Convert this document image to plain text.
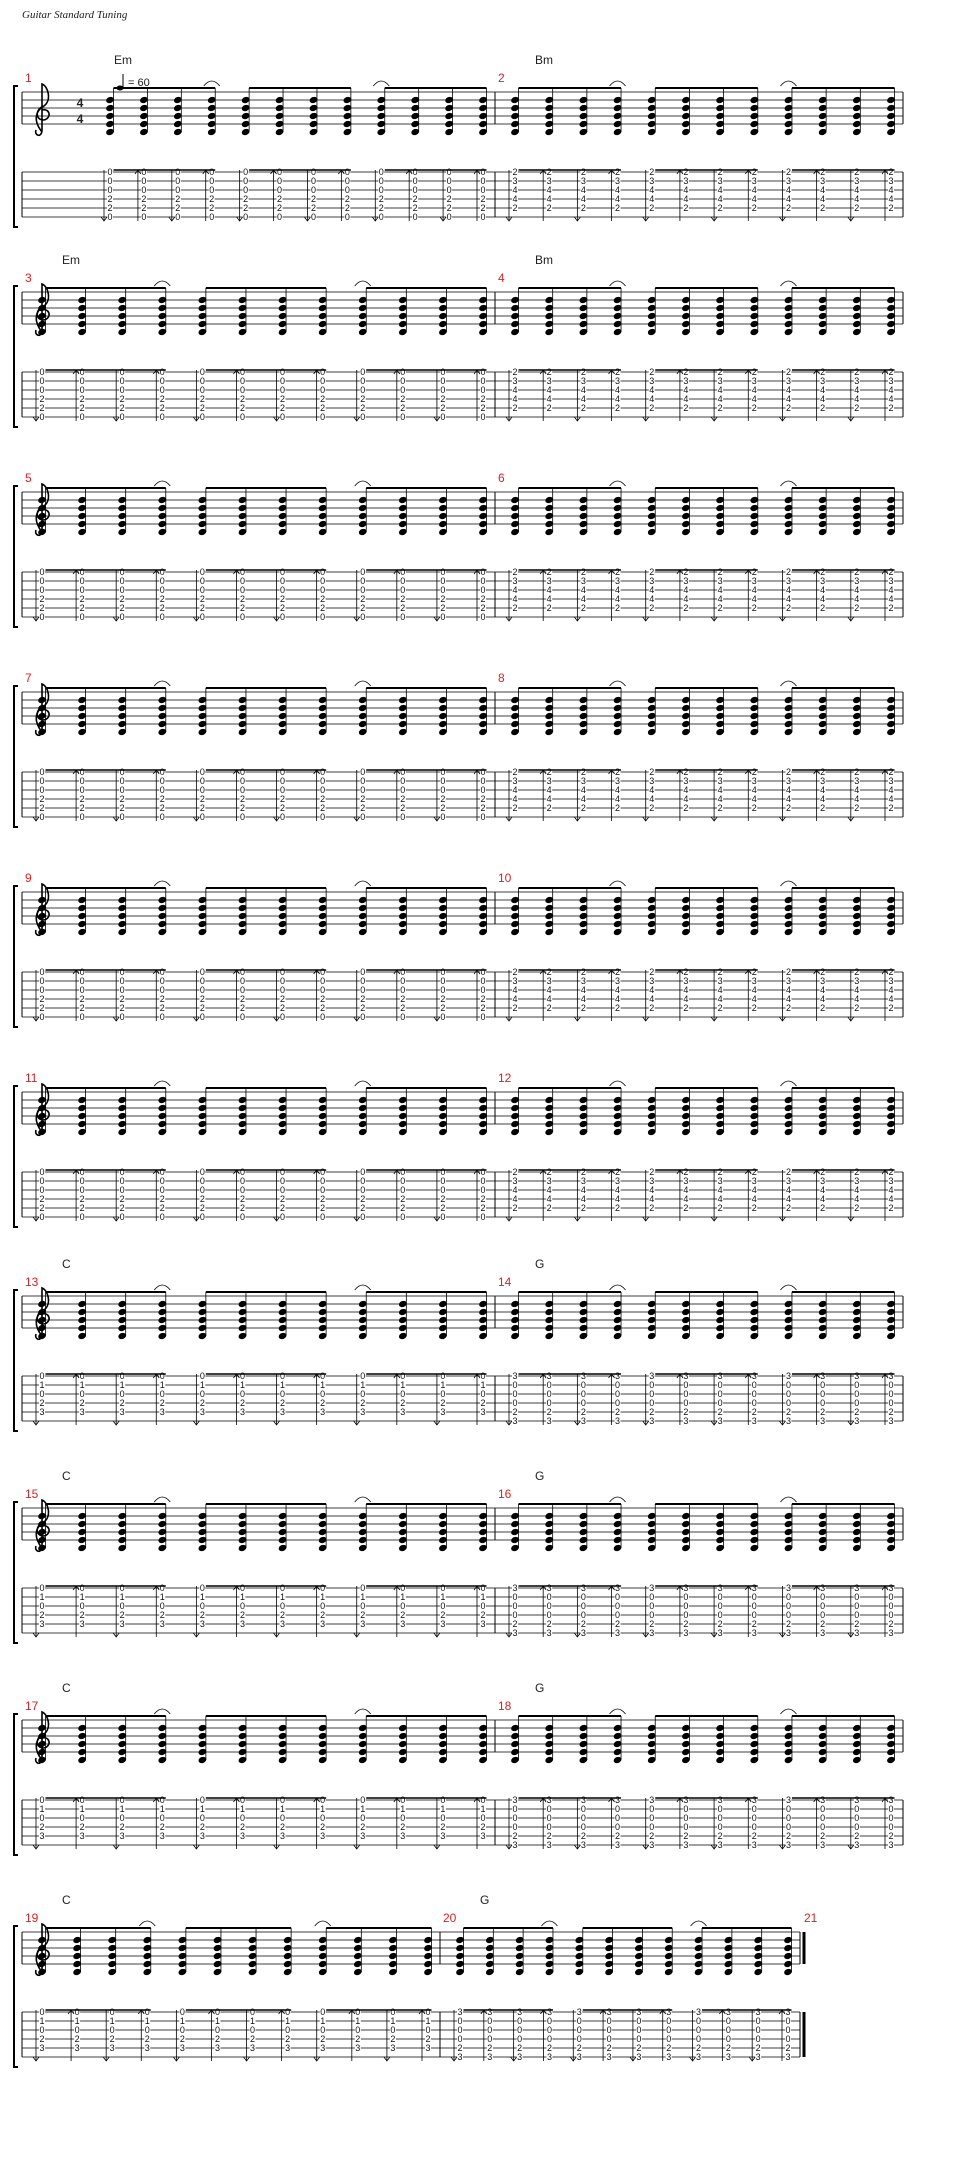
Guitar Standard Tuning
4
4
= 60
1
Em
0
0
0
2
2
0
0
0
0
2
2
0
0
0
0
2
2
0
0
0
0
2
2
0
0
0
0
2
2
0
0
0
0
2
2
0
0
0
0
2
2
0
0
0
0
2
2
0
0
0
0
2
2
0
0
0
0
2
2
0
0
0
0
2
2
0
0
0
0
2
2
0
2
Bm
2
3
4
4
2
2
3
4
4
2
2
3
4
4
2
2
3
4
4
2
2
3
4
4
2
2
3
4
4
2
2
3
4
4
2
2
3
4
4
2
2
3
4
4
2
2
3
4
4
2
2
3
4
4
2
2
3
4
4
2
3
Em
0
0
0
2
2
0
0
0
0
2
2
0
0
0
0
2
2
0
0
0
0
2
2
0
0
0
0
2
2
0
0
0
0
2
2
0
0
0
0
2
2
0
0
0
0
2
2
0
0
0
0
2
2
0
0
0
0
2
2
0
0
0
0
2
2
0
0
0
0
2
2
0
4
Bm
2
3
4
4
2
2
3
4
4
2
2
3
4
4
2
2
3
4
4
2
2
3
4
4
2
2
3
4
4
2
2
3
4
4
2
2
3
4
4
2
2
3
4
4
2
2
3
4
4
2
2
3
4
4
2
2
3
4
4
2
5
0
0
0
2
2
0
0
0
0
2
2
0
0
0
0
2
2
0
0
0
0
2
2
0
0
0
0
2
2
0
0
0
0
2
2
0
0
0
0
2
2
0
0
0
0
2
2
0
0
0
0
2
2
0
0
0
0
2
2
0
0
0
0
2
2
0
0
0
0
2
2
0
6
2
3
4
4
2
2
3
4
4
2
2
3
4
4
2
2
3
4
4
2
2
3
4
4
2
2
3
4
4
2
2
3
4
4
2
2
3
4
4
2
2
3
4
4
2
2
3
4
4
2
2
3
4
4
2
2
3
4
4
2
7
0
0
0
2
2
0
0
0
0
2
2
0
0
0
0
2
2
0
0
0
0
2
2
0
0
0
0
2
2
0
0
0
0
2
2
0
0
0
0
2
2
0
0
0
0
2
2
0
0
0
0
2
2
0
0
0
0
2
2
0
0
0
0
2
2
0
0
0
0
2
2
0
8
2
3
4
4
2
2
3
4
4
2
2
3
4
4
2
2
3
4
4
2
2
3
4
4
2
2
3
4
4
2
2
3
4
4
2
2
3
4
4
2
2
3
4
4
2
2
3
4
4
2
2
3
4
4
2
2
3
4
4
2
9
0
0
0
2
2
0
0
0
0
2
2
0
0
0
0
2
2
0
0
0
0
2
2
0
0
0
0
2
2
0
0
0
0
2
2
0
0
0
0
2
2
0
0
0
0
2
2
0
0
0
0
2
2
0
0
0
0
2
2
0
0
0
0
2
2
0
0
0
0
2
2
0
10
2
3
4
4
2
2
3
4
4
2
2
3
4
4
2
2
3
4
4
2
2
3
4
4
2
2
3
4
4
2
2
3
4
4
2
2
3
4
4
2
2
3
4
4
2
2
3
4
4
2
2
3
4
4
2
2
3
4
4
2
11
0
0
0
2
2
0
0
0
0
2
2
0
0
0
0
2
2
0
0
0
0
2
2
0
0
0
0
2
2
0
0
0
0
2
2
0
0
0
0
2
2
0
0
0
0
2
2
0
0
0
0
2
2
0
0
0
0
2
2
0
0
0
0
2
2
0
0
0
0
2
2
0
12
2
3
4
4
2
2
3
4
4
2
2
3
4
4
2
2
3
4
4
2
2
3
4
4
2
2
3
4
4
2
2
3
4
4
2
2
3
4
4
2
2
3
4
4
2
2
3
4
4
2
2
3
4
4
2
2
3
4
4
2
13
C
0
1
0
2
3
0
1
0
2
3
0
1
0
2
3
0
1
0
2
3
0
1
0
2
3
0
1
0
2
3
0
1
0
2
3
0
1
0
2
3
0
1
0
2
3
0
1
0
2
3
0
1
0
2
3
0
1
0
2
3
14
G
3
0
0
0
2
3
3
0
0
0
2
3
3
0
0
0
2
3
3
0
0
0
2
3
3
0
0
0
2
3
3
0
0
0
2
3
3
0
0
0
2
3
3
0
0
0
2
3
3
0
0
0
2
3
3
0
0
0
2
3
3
0
0
0
2
3
3
0
0
0
2
3
15
C
0
1
0
2
3
0
1
0
2
3
0
1
0
2
3
0
1
0
2
3
0
1
0
2
3
0
1
0
2
3
0
1
0
2
3
0
1
0
2
3
0
1
0
2
3
0
1
0
2
3
0
1
0
2
3
0
1
0
2
3
16
G
3
0
0
0
2
3
3
0
0
0
2
3
3
0
0
0
2
3
3
0
0
0
2
3
3
0
0
0
2
3
3
0
0
0
2
3
3
0
0
0
2
3
3
0
0
0
2
3
3
0
0
0
2
3
3
0
0
0
2
3
3
0
0
0
2
3
3
0
0
0
2
3
17
C
0
1
0
2
3
0
1
0
2
3
0
1
0
2
3
0
1
0
2
3
0
1
0
2
3
0
1
0
2
3
0
1
0
2
3
0
1
0
2
3
0
1
0
2
3
0
1
0
2
3
0
1
0
2
3
0
1
0
2
3
18
G
3
0
0
0
2
3
3
0
0
0
2
3
3
0
0
0
2
3
3
0
0
0
2
3
3
0
0
0
2
3
3
0
0
0
2
3
3
0
0
0
2
3
3
0
0
0
2
3
3
0
0
0
2
3
3
0
0
0
2
3
3
0
0
0
2
3
3
0
0
0
2
3
19
C
0
1
0
2
3
0
1
0
2
3
0
1
0
2
3
0
1
0
2
3
0
1
0
2
3
0
1
0
2
3
0
1
0
2
3
0
1
0
2
3
0
1
0
2
3
0
1
0
2
3
0
1
0
2
3
0
1
0
2
3
20
G
3
0
0
0
2
3
3
0
0
0
2
3
3
0
0
0
2
3
3
0
0
0
2
3
3
0
0
0
2
3
3
0
0
0
2
3
3
0
0
0
2
3
3
0
0
0
2
3
3
0
0
0
2
3
3
0
0
0
2
3
3
0
0
0
2
3
3
0
0
0
2
3
21
